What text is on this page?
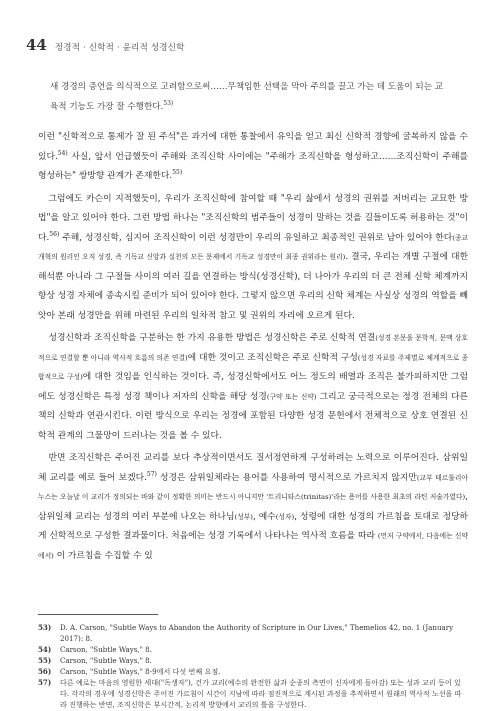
44 정경적 · 신학적 · 윤리적 성경신학
새 경경의 증언을 의식적으로 고려함으로써……무책임한 선택을 막아 주의를 끌고 가는 데 도움이 되는 교육적 기능도 가장 잘 수행한다.$^{53)}$

이런 "신학적으로 통제가 잘 된 주석"은 과거에 대한 통찰에서 유익을 얻고 최신 신학적 경향에 굴복하지 않을 수 있다.$^{54)}$ 사실, 앞서 언급했듯이 주해와 조직신학 사이에는 "주해가 조직신학을 형성하고……조직신학이 주해를 형성하는" 쌍방향 관계가 존재한다.$^{55)}$

그럼에도 카슨이 지적했듯이, 우리가 조직신학에 참여할 때 "우리 삶에서 성경의 권위를 저버리는 교묘한 방법"을 알고 있어야 한다. 그런 방법 하나는 "조직신학의 범주들이 성경이 말하는 것을 길들이도록 허용하는 것"이다.$^{56)}$ 주해, 성경신학, 심지어 조직신학이 이런 성경만이 우리의 유일하고 최종적인 권위로 남아 있어야 한다(종교개혁의 원리인 오직 성경, 즉 기독교 신앙과 실천의 모든 문제에서 기독교 성경만이 최종 권위라는 원리). 결국, 우리는 개별 구절에 대한 해석뿐 아니라 그 구절들 사이의 여러 길을 연결하는 방식(성경신학), 더 나아가 우리의 더 큰 전체 신학 체계까지 항상 성경 자체에 종속시킬 준비가 되어 있어야 한다. 그렇지 않으면 우리의 신학 체계는 사실상 성경의 역할을 빼앗아 본래 성경만을 위해 마련된 우리의 일차적 참고 및 권위의 자리에 오르게 된다.

성경신학과 조직신학을 구분하는 한 가지 유용한 방법은 성경신학은 주로 신학적 연결(성경 본문을 문학적, 문맥 상호적으로 연결할 뿐 아니라 역사적 흐름의 의존 연결)에 대한 것이고 조직신학은 주로 신학적 구성(성경 자료를 주제별로 체계적으로 종합적으로 구성)에 대한 것임을 인식하는 것이다. 즉, 성경신학에서도 어느 정도의 배열과 조직은 불가피하지만 그럼에도 성경신학은 특정 성경 책이나 저자의 신학을 해당 성경(구약 또는 신약) 그리고 궁극적으로는 정경 전체의 다른 책의 신학과 연관시킨다. 이런 방식으로 우리는 정경에 포함된 다양한 성경 문헌에서 전체적으로 상호 연결된 신학적 관계의 그물망이 드러나는 것을 볼 수 있다.

반면 조직신학은 주어진 교리를 보다 추상적이면서도 질서정연하게 구성하려는 노력으로 이루어진다. 삼위일체 교리를 예로 들어 보겠다.$^{57)}$ 성경은 삼위일체라는 용어를 사용하여 명시적으로 가르치지 않지만(교부 테르툴리아누스는 오늘날 이 교리가 정의되는 바와 같이 정확한 의미는 반드시 아니지만 '트리니타스(trinitas)'라는 용어를 사용한 최초의 라틴 저술가였다), 삼위일체 교리는 성경의 여러 부분에 나오는 하나님(성부), 예수(성자), 성령에 대한 성경의 가르침을 토대로 정당하게 신학적으로 구성한 결과물이다. 처음에는 성경 기록에서 나타나는 역사적 흐름을 따라 (먼저 구약에서, 다음에는 신약에서) 이 가르침을 수집할 수 있

53)	D. A. Carson, "Subtle Ways to Abandon the Authority of Scripture in Our Lives," Themelios 42, no. 1 (January 2017): 8.
54)	Carson, "Subtle Ways," 8.
55)	Carson, "Subtle Ways," 8.
56)	Carson, "Subtle Ways," 8-9에서 다섯 번째 요점.
57)	다른 예로는 마음의 영원한 세대("독생자"), 건가 교리(예수의 완전한 삶과 순종의 측면이 신자에게 돌아감) 또는 성과 교리 등이 있다. 각각의 경우에 성경신학은 주어진 가르침이 시간이 지남에 따라 점진적으로 계시된 과정을 추적하면서 원래의 역사적 노선을 따라 진행하는 반면, 조직신학은 부시간적, 논리적 방향에서 교리의 틀을 구성한다.
